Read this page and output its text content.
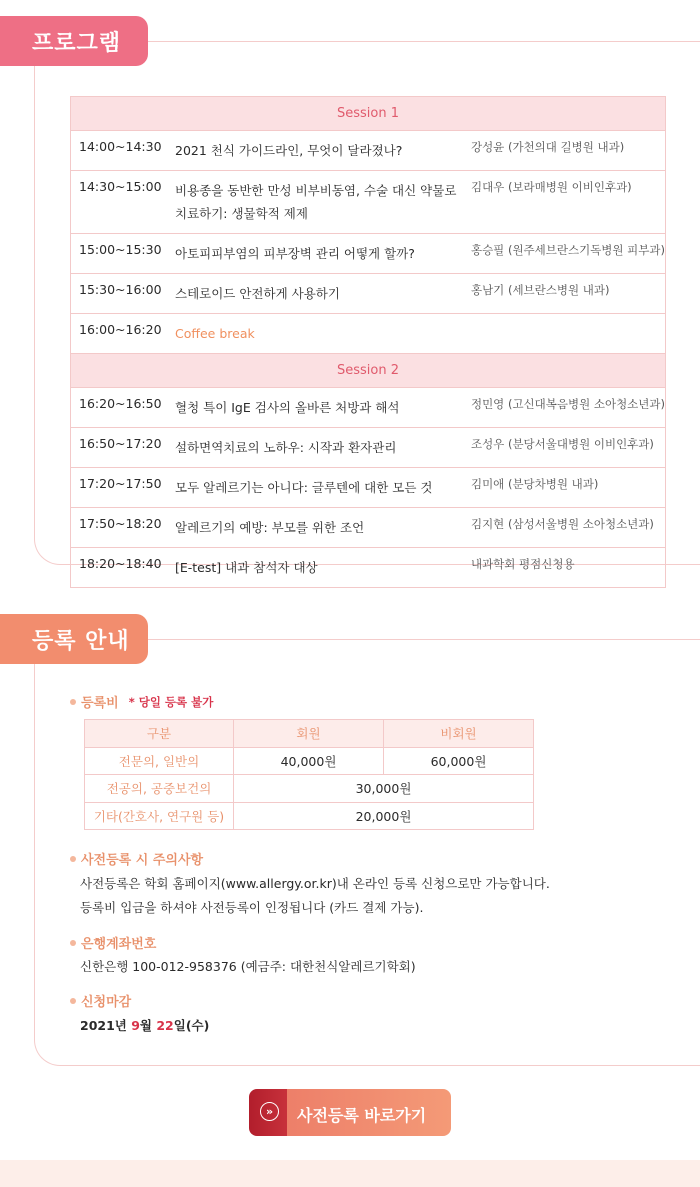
프로그램
Session 1		
14:00~14:30	2021 천식 가이드라인, 무엇이 달라졌나?	강성윤 (가천의대 길병원 내과)
14:30~15:00	비용종을 동반한 만성 비부비동염, 수술 대신 약물로 치료하기: 생물학적 제제	김대우 (보라매병원 이비인후과)
15:00~15:30	아토피피부염의 피부장벽 관리 어떻게 할까?	홍승필 (원주세브란스기독병원 피부과)
15:30~16:00	스테로이드 안전하게 사용하기	홍남기 (세브란스병원 내과)
16:00~16:20	Coffee break	
Session 2		
16:20~16:50	혈청 특이 IgE 검사의 올바른 처방과 해석	정민영 (고신대복음병원 소아청소년과)
16:50~17:20	설하면역치료의 노하우: 시작과 환자관리	조성우 (분당서울대병원 이비인후과)
17:20~17:50	모두 알레르기는 아니다: 글루텐에 대한 모든 것	김미애 (분당차병원 내과)
17:50~18:20	알레르기의 예방: 부모를 위한 조언	김지현 (삼성서울병원 소아청소년과)
18:20~18:40	[E-test] 내과 참석자 대상	내과학회 평점신청용
등록 안내
등록비 * 당일 등록 불가
구분	회원	비회원
전문의, 일반의	40,000원	60,000원
전공의, 공중보건의	30,000원	
기타(간호사, 연구원 등)	20,000원	
사전등록 시 주의사항
사전등록은 학회 홈페이지(www.allergy.or.kr)내 온라인 등록 신청으로만 가능합니다.
등록비 입금을 하셔야 사전등록이 인정됩니다 (카드 결제 가능).
은행계좌번호
신한은행 100-012-958376 (예금주: 대한천식알레르기학회)
신청마감
2021년 9월 22일(수)
»	사전등록 바로가기
